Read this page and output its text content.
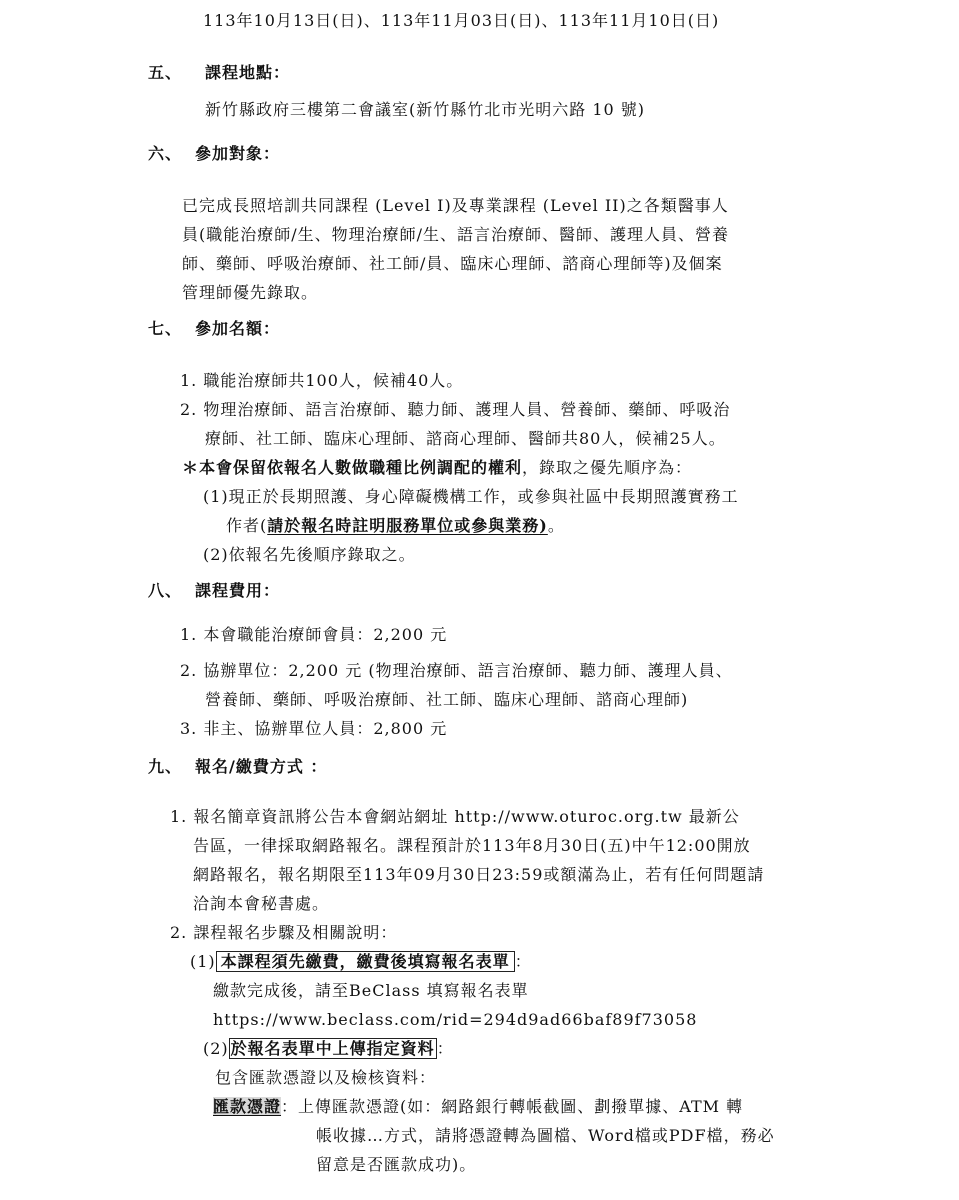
113年10月13日(日)、113年11月03日(日)、113年11月10日(日)
五、 課程地點：
新竹縣政府三樓第二會議室(新竹縣竹北市光明六路 10 號)
六、 參加對象：
已完成長照培訓共同課程 (Level I)及專業課程 (Level II)之各類醫事人
員(職能治療師/生、物理治療師/生、語言治療師、醫師、護理人員、營養
師、藥師、呼吸治療師、社工師/員、臨床心理師、諮商心理師等)及個案
管理師優先錄取。
七、 參加名額：
1. 職能治療師共100人，候補40人。
2. 物理治療師、語言治療師、聽力師、護理人員、營養師、藥師、呼吸治
療師、社工師、臨床心理師、諮商心理師、醫師共80人，候補25人。
＊本會保留依報名人數做職種比例調配的權利，錄取之優先順序為：
(1)現正於長期照護、身心障礙機構工作，或參與社區中長期照護實務工
作者(請於報名時註明服務單位或參與業務)。
(2)依報名先後順序錄取之。
八、 課程費用：
1. 本會職能治療師會員：2,200 元
2. 協辦單位：2,200 元 (物理治療師、語言治療師、聽力師、護理人員、
營養師、藥師、呼吸治療師、社工師、臨床心理師、諮商心理師)
3. 非主、協辦單位人員：2,800 元
九、 報名/繳費方式 ：
1. 報名簡章資訊將公告本會網站網址 http://www.oturoc.org.tw 最新公
告區，一律採取網路報名。課程預計於113年8月30日(五)中午12:00開放
網路報名，報名期限至113年09月30日23:59或額滿為止，若有任何問題請
洽詢本會秘書處。
2. 課程報名步驟及相關說明：
(1) 本課程須先繳費，繳費後填寫報名表單 ：
繳款完成後，請至BeClass 填寫報名表單
https://www.beclass.com/rid=294d9ad66baf89f73058
(2) 於報名表單中上傳指定資料 ：
包含匯款憑證以及檢核資料：
匯款憑證：上傳匯款憑證(如：網路銀行轉帳截圖、劃撥單據、ATM 轉
帳收據…方式，請將憑證轉為圖檔、Word檔或PDF檔，務必
留意是否匯款成功)。
